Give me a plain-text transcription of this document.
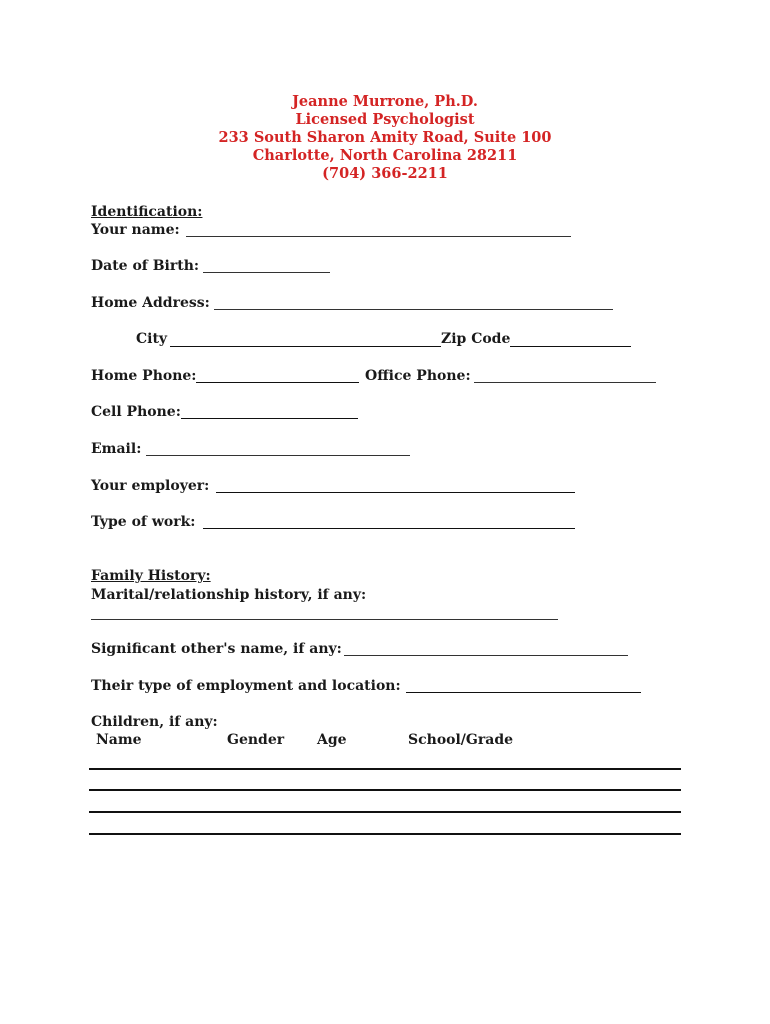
Jeanne Murrone, Ph.D.
Licensed Psychologist
233 South Sharon Amity Road, Suite 100
Charlotte, North Carolina 28211
(704) 366-2211
Identification:
Your name:
Date of Birth:
Home Address:
City	Zip Code
Home Phone:	Office Phone:
Cell Phone:
Email:
Your employer:
Type of work:
Family History:
Marital/relationship history, if any:
Significant other's name, if any:
Their type of employment and location:
Children, if any:
Name	Gender Age	School/Grade
